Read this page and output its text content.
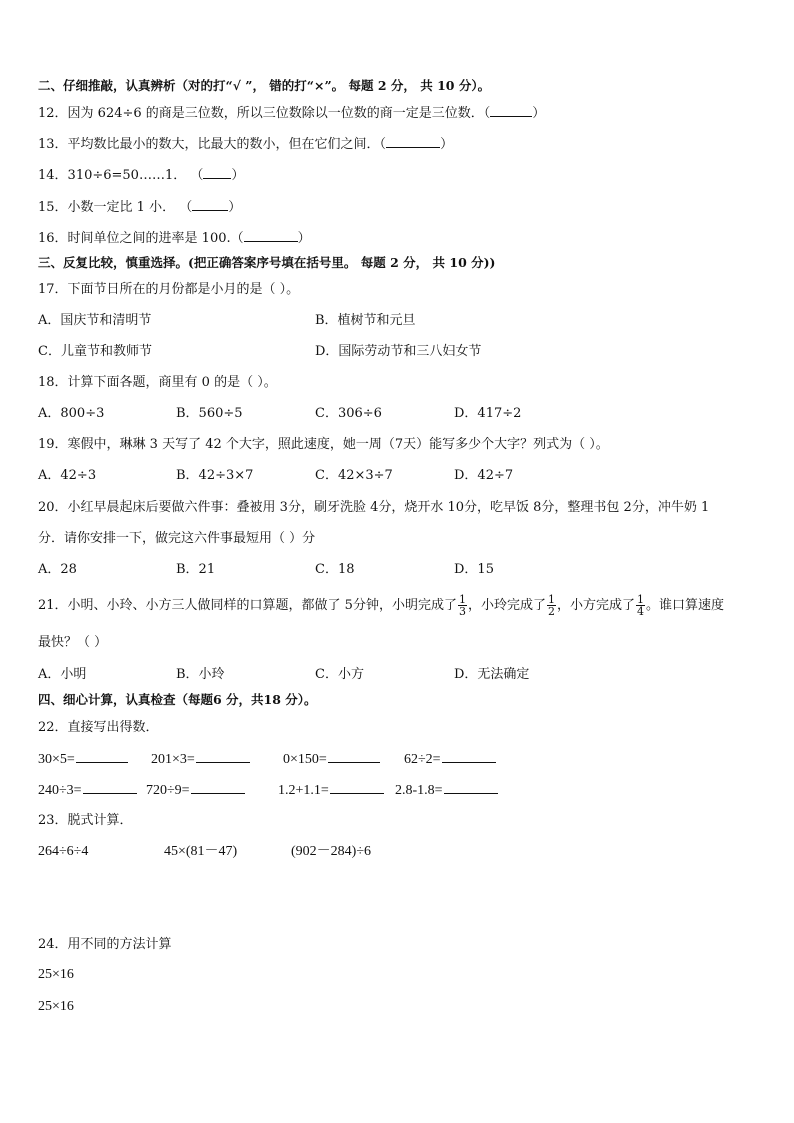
二、仔细推敲，认真辨析（对的打“√ ”， 错的打“×”。 每题 2 分， 共 10 分）。
12．因为 624÷6 的商是三位数，所以三位数除以一位数的商一定是三位数．（	）
13．平均数比最小的数大，比最大的数小，但在它们之间．（	）
14．310÷6=50……1． （ ）
15．小数一定比 1 小． （	）
16．时间单位之间的进率是 100.（	）
三、反复比较，慎重选择。(把正确答案序号填在括号里。 每题 2 分， 共 10 分))
17．下面节日所在的月份都是小月的是（ ）。
A．国庆节和清明节	B．植树节和元旦
C．儿童节和教师节	D．国际劳动节和三八妇女节
18．计算下面各题，商里有 0 的是（ ）。
A．800÷3	B．560÷5	C．306÷6	D．417÷2
19．寒假中，琳琳 3 天写了 42 个大字，照此速度，她一周（7天）能写多少个大字？列式为（ ）。
A．42÷3	B．42÷3×7	C．42×3÷7	D．42÷7
20．小红早晨起床后要做六件事：叠被用 3分，刷牙洗脸 4分，烧开水 10分，吃早饭 8分，整理书包 2分，冲牛奶 1
分．请你安排一下，做完这六件事最短用（ ）分
A．28	B．21	C．18	D．15
21．小明、小玲、小方三人做同样的口算题，都做了 5分钟，小明完成了 $\frac{1}{3}$ ，小玲完成了 $\frac{1}{2}$ ，小方完成了 $\frac{1}{4}$ 。谁口算速度
最快？（ ）
A．小明	B．小玲	C．小方	D．无法确定
四、细心计算，认真检查（每题6 分，共18 分）。
22．直接写出得数．
30×5=	201×3=	0×150=	62÷2=
240÷3=	720÷9=	1.2+1.1=	2.8-1.8=
23．脱式计算．
264÷6÷4	45×(81－47)	(902－284)÷6
24．用不同的方法计算
25×16
25×16
